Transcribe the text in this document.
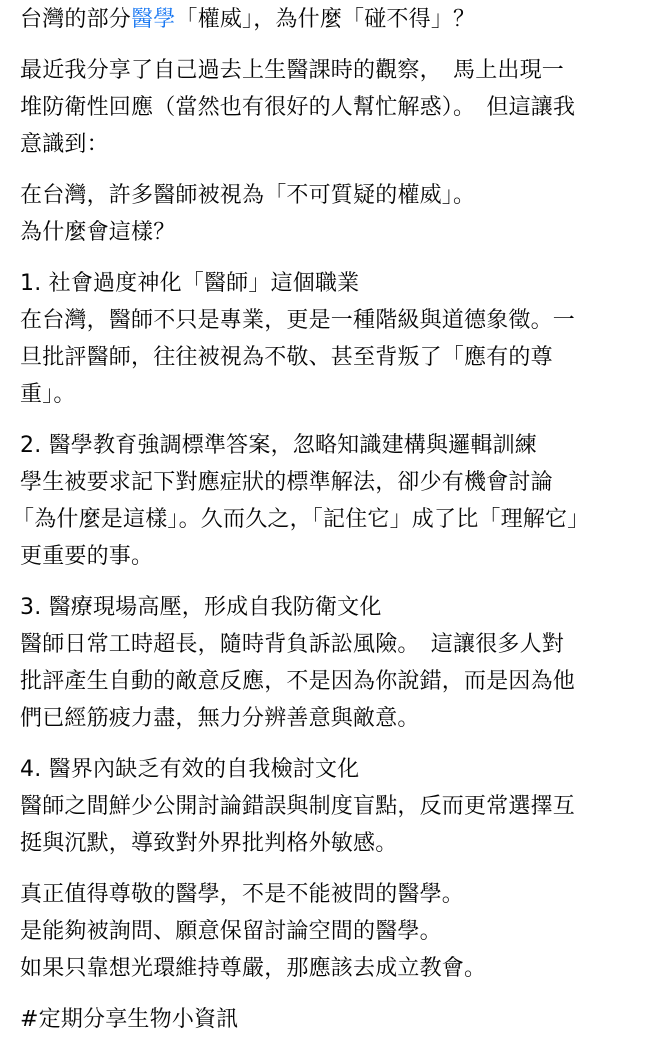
台灣的部分醫學「權威」，為什麼「碰不得」？
最近我分享了自己過去上生醫課時的觀察，　馬上出現一
堆防衛性回應（當然也有很好的人幫忙解惑）。　但這讓我
意識到：
在台灣，許多醫師被視為「不可質疑的權威」。
為什麼會這樣？
1. 社會過度神化「醫師」這個職業
在台灣，醫師不只是專業，更是一種階級與道德象徵。一
旦批評醫師，往往被視為不敬、甚至背叛了「應有的尊
重」。
2. 醫學教育強調標準答案，忽略知識建構與邏輯訓練
學生被要求記下對應症狀的標準解法，卻少有機會討論
「為什麼是這樣」。久而久之，「記住它」成了比「理解它」
更重要的事。
3. 醫療現場高壓，形成自我防衛文化
醫師日常工時超長，隨時背負訴訟風險。　這讓很多人對
批評產生自動的敵意反應，不是因為你說錯，而是因為他
們已經筋疲力盡，無力分辨善意與敵意。
4. 醫界內缺乏有效的自我檢討文化
醫師之間鮮少公開討論錯誤與制度盲點，反而更常選擇互
挺與沉默，導致對外界批判格外敏感。
真正值得尊敬的醫學，不是不能被問的醫學。
是能夠被詢問、願意保留討論空間的醫學。
如果只靠想光環維持尊嚴，那應該去成立教會。
#定期分享生物小資訊
